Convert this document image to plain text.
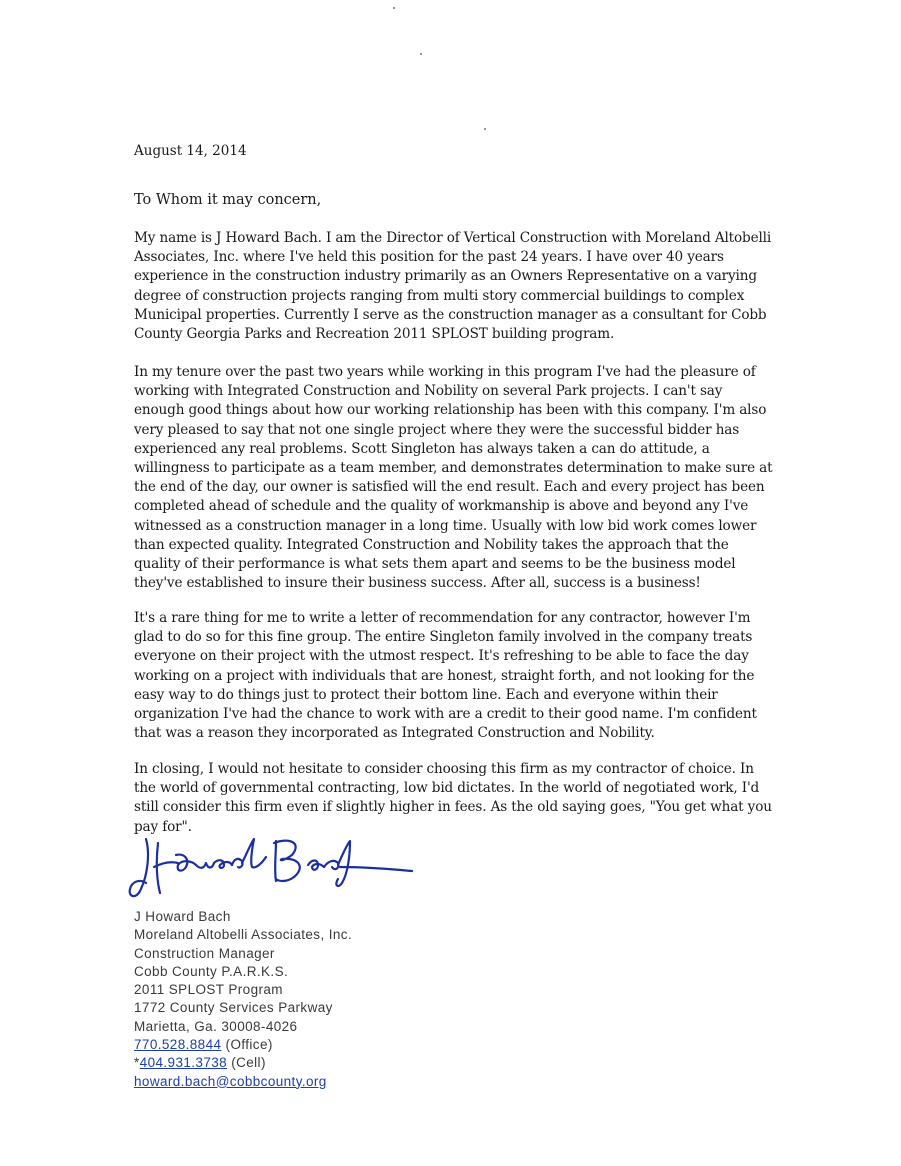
August 14, 2014
To Whom it may concern,

My name is J Howard Bach. I am the Director of Vertical Construction with Moreland Altobelli Associates, Inc. where I've held this position for the past 24 years. I have over 40 years experience in the construction industry primarily as an Owners Representative on a varying degree of construction projects ranging from multi story commercial buildings to complex Municipal properties. Currently I serve as the construction manager as a consultant for Cobb County Georgia Parks and Recreation 2011 SPLOST building program.

In my tenure over the past two years while working in this program I've had the pleasure of working with Integrated Construction and Nobility on several Park projects. I can't say enough good things about how our working relationship has been with this company. I'm also very pleased to say that not one single project where they were the successful bidder has experienced any real problems. Scott Singleton has always taken a can do attitude, a willingness to participate as a team member, and demonstrates determination to make sure at the end of the day, our owner is satisfied will the end result. Each and every project has been completed ahead of schedule and the quality of workmanship is above and beyond any I've witnessed as a construction manager in a long time. Usually with low bid work comes lower than expected quality. Integrated Construction and Nobility takes the approach that the quality of their performance is what sets them apart and seems to be the business model they've established to insure their business success. After all, success is a business!

It's a rare thing for me to write a letter of recommendation for any contractor, however I'm glad to do so for this fine group. The entire Singleton family involved in the company treats everyone on their project with the utmost respect. It's refreshing to be able to face the day working on a project with individuals that are honest, straight forth, and not looking for the easy way to do things just to protect their bottom line. Each and everyone within their organization I've had the chance to work with are a credit to their good name. I'm confident that was a reason they incorporated as Integrated Construction and Nobility.

In closing, I would not hesitate to consider choosing this firm as my contractor of choice. In the world of governmental contracting, low bid dictates. In the world of negotiated work, I'd still consider this firm even if slightly higher in fees. As the old saying goes, "You get what you pay for".

J Howard Bach
Moreland Altobelli Associates, Inc.
Construction Manager
Cobb County P.A.R.K.S.
2011 SPLOST Program
1772 County Services Parkway
Marietta, Ga. 30008-4026
770.528.8844 (Office)
*404.931.3738 (Cell)
howard.bach@cobbcounty.org
